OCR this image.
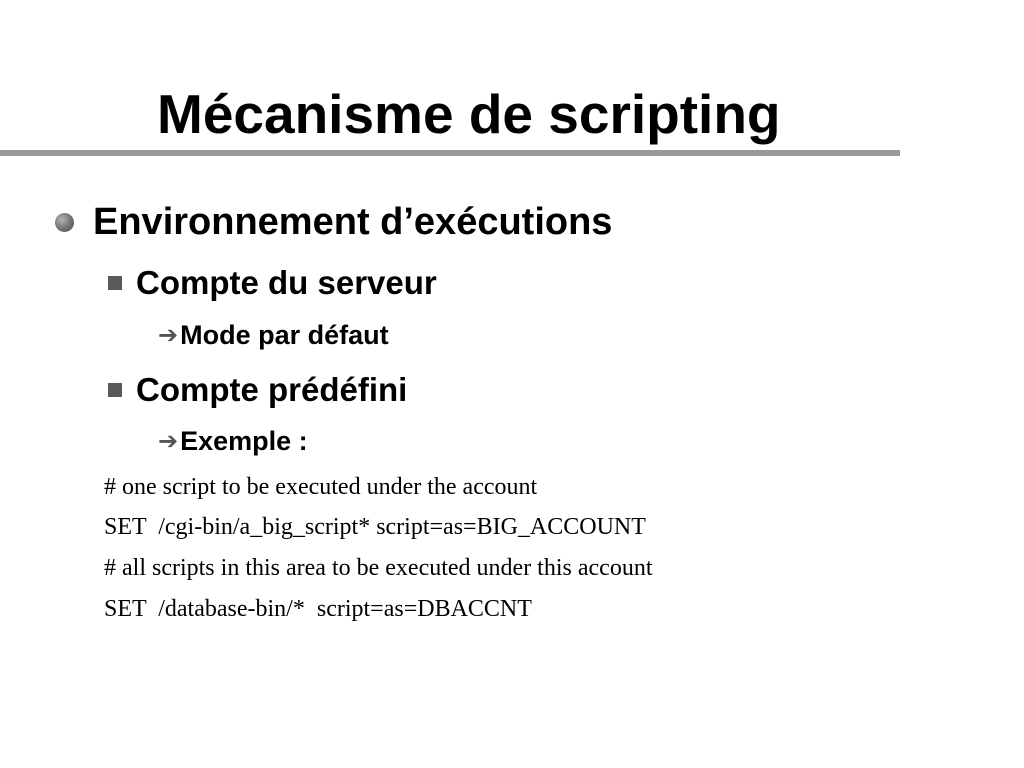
Mécanisme de scripting
Environnement d’exécutions
Compte du serveur
➔ Mode par défaut
Compte prédéfini
➔ Exemple :
# one script to be executed under the account
SET  /cgi-bin/a_big_script* script=as=BIG_ACCOUNT
# all scripts in this area to be executed under this account
SET  /database-bin/*  script=as=DBACCNT
